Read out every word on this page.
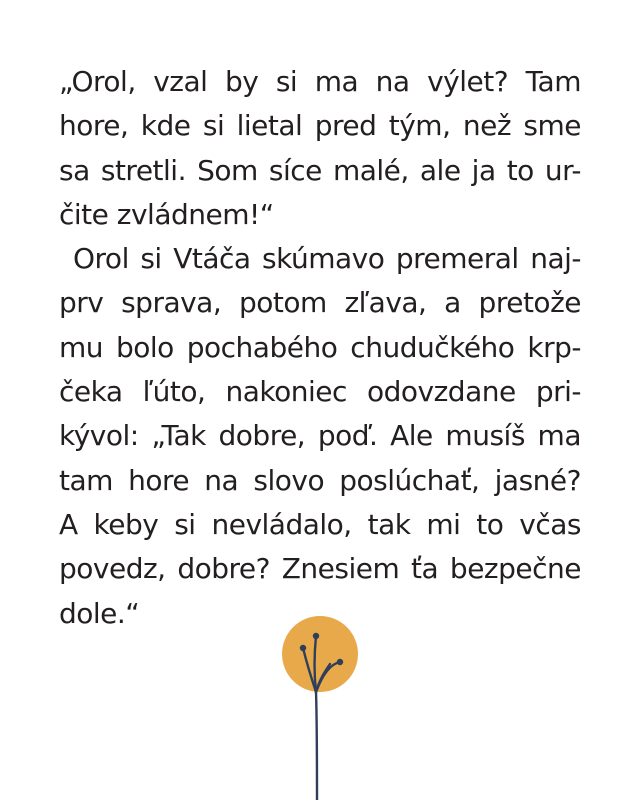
„Orol, vzal by si ma na výlet? Tam
hore, kde si lietal pred tým, než sme
sa stretli. Som síce malé, ale ja to ur-
čite zvládnem!“
Orol si Vtáča skúmavo premeral naj-
prv sprava, potom zľava, a pretože
mu bolo pochabého chudučkého krp-
čeka ľúto, nakoniec odovzdane pri-
kývol: „Tak dobre, poď. Ale musíš ma
tam hore na slovo poslúchať, jasné?
A keby si nevládalo, tak mi to včas
povedz, dobre? Znesiem ťa bezpečne
dole.“
